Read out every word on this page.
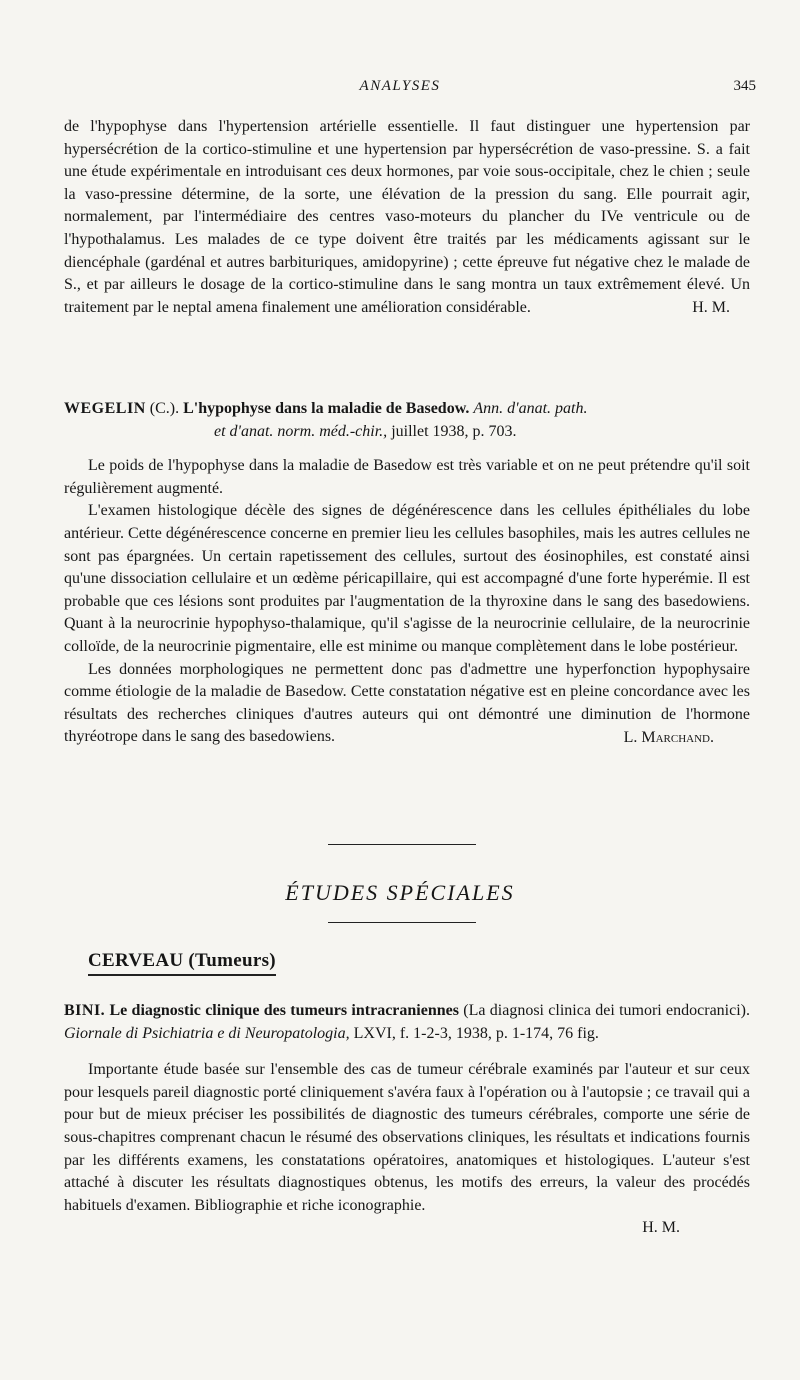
ANALYSES	345

de l'hypophyse dans l'hypertension artérielle essentielle. Il faut distinguer une hypertension par hypersécrétion de la cortico-stimuline et une hypertension par hypersécrétion de vaso-pressine. S. a fait une étude expérimentale en introduisant ces deux hormones, par voie sous-occipitale, chez le chien ; seule la vaso-pressine détermine, de la sorte, une élévation de la pression du sang. Elle pourrait agir, normalement, par l'intermédiaire des centres vaso-moteurs du plancher du IVe ventricule ou de l'hypothalamus. Les malades de ce type doivent être traités par les médicaments agissant sur le diencéphale (gardénal et autres barbituriques, amidopyrine) ; cette épreuve fut négative chez le malade de S., et par ailleurs le dosage de la cortico-stimuline dans le sang montra un taux extrêmement élevé. Un traitement par le neptal amena finalement une amélioration considérable.	H. M.

WEGELIN (C.). L'hypophyse dans la maladie de Basedow. Ann. d'anat. path.

et d'anat. norm. méd.-chir., juillet 1938, p. 703.

Le poids de l'hypophyse dans la maladie de Basedow est très variable et on ne peut prétendre qu'il soit régulièrement augmenté.

L'examen histologique décèle des signes de dégénérescence dans les cellules épithéliales du lobe antérieur. Cette dégénérescence concerne en premier lieu les cellules basophiles, mais les autres cellules ne sont pas épargnées. Un certain rapetissement des cellules, surtout des éosinophiles, est constaté ainsi qu'une dissociation cellulaire et un œdème péricapillaire, qui est accompagné d'une forte hyperémie. Il est probable que ces lésions sont produites par l'augmentation de la thyroxine dans le sang des basedowiens. Quant à la neurocrinie hypophyso-thalamique, qu'il s'agisse de la neurocrinie cellulaire, de la neurocrinie colloïde, de la neurocrinie pigmentaire, elle est minime ou manque complètement dans le lobe postérieur.

Les données morphologiques ne permettent donc pas d'admettre une hyperfonction hypophysaire comme étiologie de la maladie de Basedow. Cette constatation négative est en pleine concordance avec les résultats des recherches cliniques d'autres auteurs qui ont démontré une diminution de l'hormone thyréotrope dans le sang des basedowiens.	L. Marchand.

ÉTUDES SPÉCIALES
CERVEAU (Tumeurs)

BINI. Le diagnostic clinique des tumeurs intracraniennes (La diagnosi clinica dei tumori endocranici). Giornale di Psichiatria e di Neuropatologia, LXVI, f. 1-2-3, 1938, p. 1-174, 76 fig.

Importante étude basée sur l'ensemble des cas de tumeur cérébrale examinés par l'auteur et sur ceux pour lesquels pareil diagnostic porté cliniquement s'avéra faux à l'opération ou à l'autopsie ; ce travail qui a pour but de mieux préciser les possibilités de diagnostic des tumeurs cérébrales, comporte une série de sous-chapitres comprenant chacun le résumé des observations cliniques, les résultats et indications fournis par les différents examens, les constatations opératoires, anatomiques et histologiques. L'auteur s'est attaché à discuter les résultats diagnostiques obtenus, les motifs des erreurs, la valeur des procédés habituels d'examen. Bibliographie et riche iconographie.

H. M.
